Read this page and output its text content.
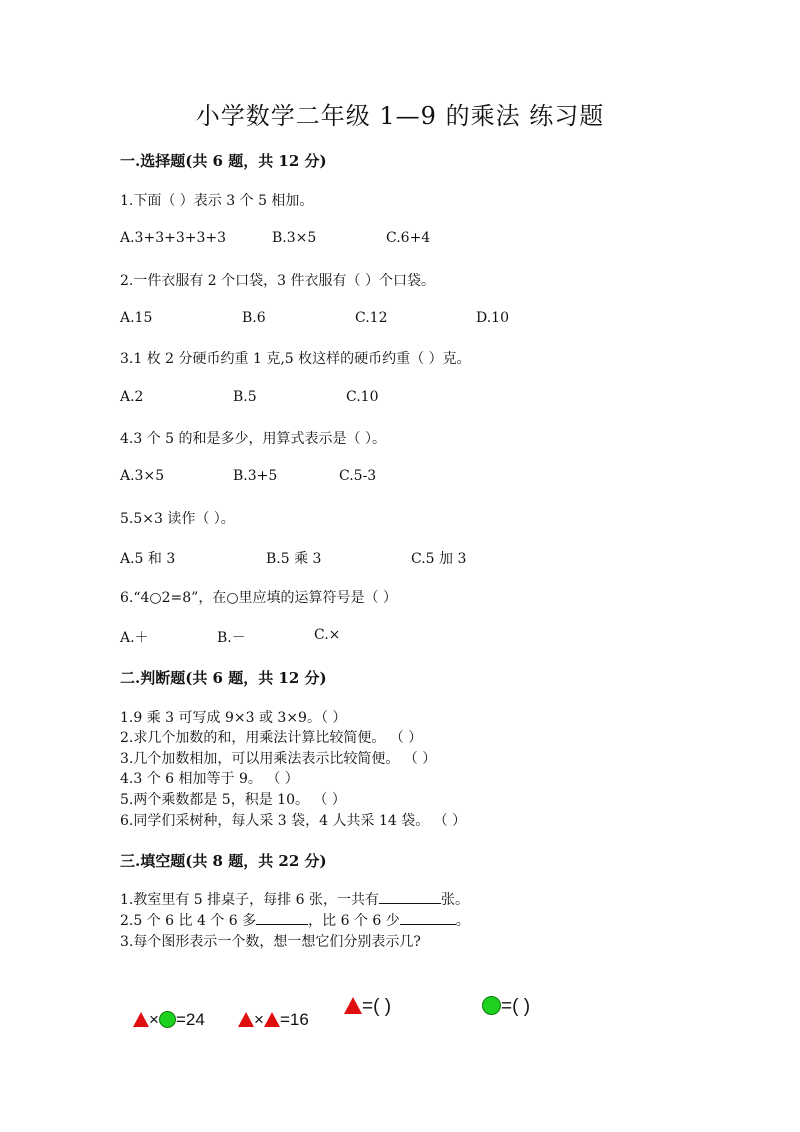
小学数学二年级 1—9 的乘法 练习题
一.选择题(共 6 题，共 12 分)
1.下面（ ）表示 3 个 5 相加。
A.3+3+3+3+3	B.3×5	C.6+4
2.一件衣服有 2 个口袋，3 件衣服有（ ）个口袋。
A.15	B.6	C.12	D.10
3.1 枚 2 分硬币约重 1 克,5 枚这样的硬币约重（ ）克。
A.2	B.5	C.10
4.3 个 5 的和是多少，用算式表示是（ ）。
A.3×5	B.3+5	C.5-3
5.5×3 读作（ ）。
A.5 和 3	B.5 乘 3	C.5 加 3
6.“4○2=8”，在○里应填的运算符号是（ ）
A.＋	B.－	C.×
二.判断题(共 6 题，共 12 分)
1.9 乘 3 可写成 9×3 或 3×9。（ ）
2.求几个加数的和，用乘法计算比较简便。 （ ）
3.几个加数相加，可以用乘法表示比较简便。 （ ）
4.3 个 6 相加等于 9。 （ ）
5.两个乘数都是 5，积是 10。 （ ）
6.同学们采树种，每人采 3 袋，4 人共采 14 袋。 （ ）
三.填空题(共 8 题，共 22 分)
1.教室里有 5 排桌子，每排 6 张，一共有	张。
2.5 个 6 比 4 个 6 多	，比 6 个 6 少	。
3.每个图形表示一个数，想一想它们分别表示几?
× =24	× =16
=( )	=( )
